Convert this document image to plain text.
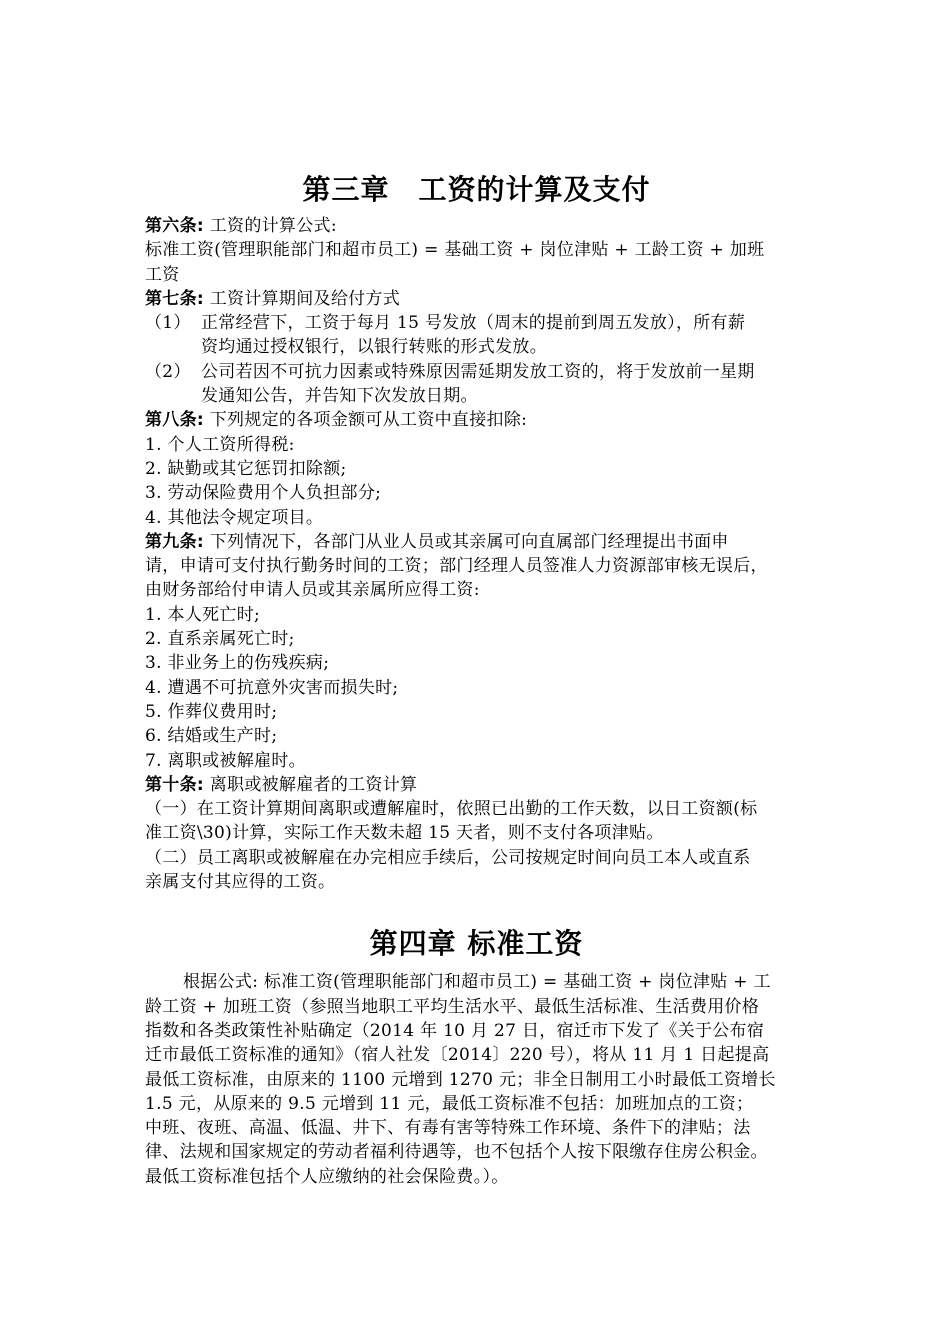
第三章　工资的计算及支付
第六条: 工资的计算公式:
标准工资(管理职能部门和超市员工) = 基础工资 + 岗位津贴 + 工龄工资 + 加班
工资
第七条: 工资计算期间及给付方式
（1） 正常经营下，工资于每月 15 号发放（周末的提前到周五发放），所有薪
资均通过授权银行，以银行转账的形式发放。
（2） 公司若因不可抗力因素或特殊原因需延期发放工资的，将于发放前一星期
发通知公告，并告知下次发放日期。
第八条: 下列规定的各项金额可从工资中直接扣除:
1. 个人工资所得税:
2. 缺勤或其它惩罚扣除额;
3. 劳动保险费用个人负担部分;
4. 其他法令规定项目。
第九条: 下列情况下，各部门从业人员或其亲属可向直属部门经理提出书面申
请，申请可支付执行勤务时间的工资；部门经理人员签准人力资源部审核无误后，
由财务部给付申请人员或其亲属所应得工资:
1. 本人死亡时;
2. 直系亲属死亡时;
3. 非业务上的伤残疾病;
4. 遭遇不可抗意外灾害而损失时;
5. 作葬仪费用时;
6. 结婚或生产时;
7. 离职或被解雇时。
第十条: 离职或被解雇者的工资计算
（一）在工资计算期间离职或遭解雇时，依照已出勤的工作天数，以日工资额(标
准工资\30)计算，实际工作天数未超 15 天者，则不支付各项津贴。
（二）员工离职或被解雇在办完相应手续后，公司按规定时间向员工本人或直系
亲属支付其应得的工资。
第四章 标准工资
根据公式: 标准工资(管理职能部门和超市员工) = 基础工资 + 岗位津贴 + 工
龄工资 + 加班工资（参照当地职工平均生活水平、最低生活标准、生活费用价格
指数和各类政策性补贴确定（2014 年 10 月 27 日，宿迁市下发了《关于公布宿
迁市最低工资标准的通知》（宿人社发〔2014〕220 号），将从 11 月 1 日起提高
最低工资标准，由原来的 1100 元增到 1270 元；非全日制用工小时最低工资增长
1.5 元，从原来的 9.5 元增到 11 元，最低工资标准不包括：加班加点的工资；
中班、夜班、高温、低温、井下、有毒有害等特殊工作环境、条件下的津贴；法
律、法规和国家规定的劳动者福利待遇等，也不包括个人按下限缴存住房公积金。
最低工资标准包括个人应缴纳的社会保险费。）。
